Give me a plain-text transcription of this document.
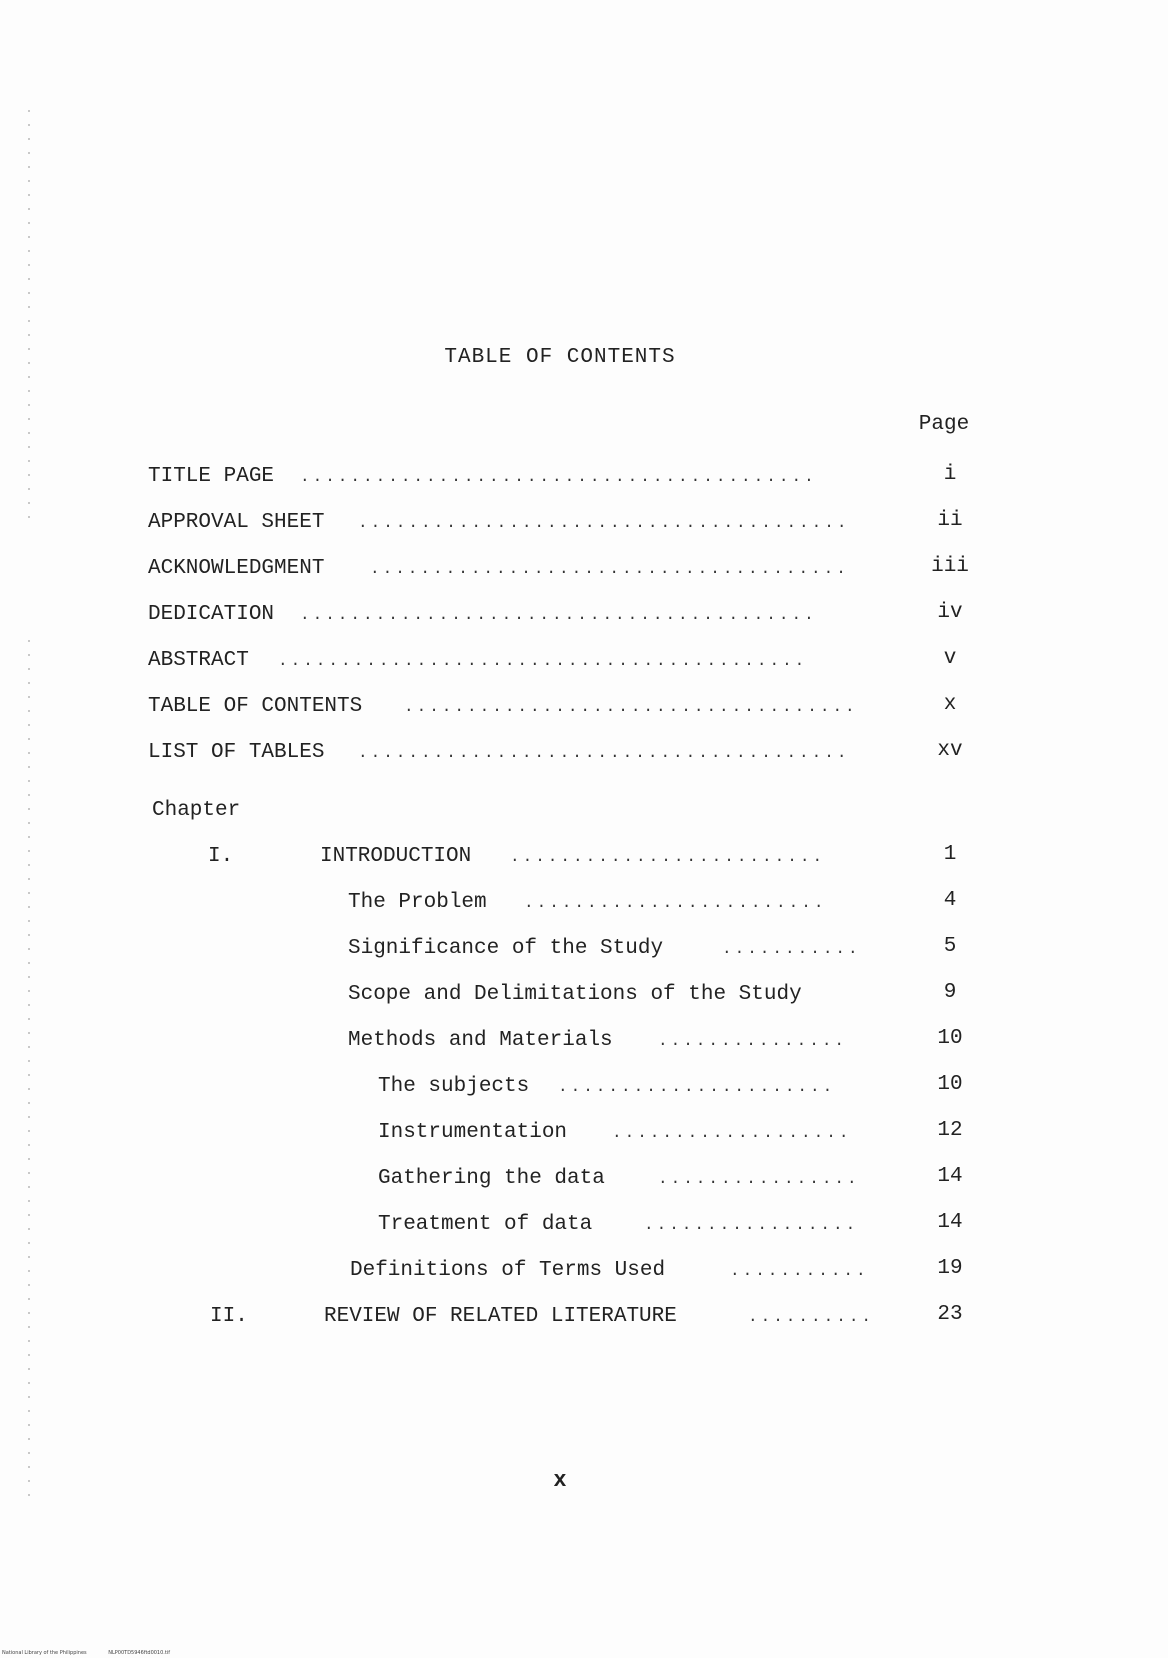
TABLE OF CONTENTS
Page
TITLE PAGE .........................................	i
APPROVAL SHEET .......................................	ii
ACKNOWLEDGMENT	......................................	iii
DEDICATION .........................................	iv
ABSTRACT ..........................................	v
TABLE OF CONTENTS	....................................	x
LIST OF TABLES .......................................	xv
Chapter
I.	INTRODUCTION .........................	1
The Problem ........................	4
Significance of the Study	...........	5
Scope and Delimitations of the Study	9
Methods and Materials	...............	10
The subjects ......................	10
Instrumentation	...................	12
Gathering the data	................	14
Treatment of data	.................	14
Definitions of Terms Used	...........	19
II.	REVIEW OF RELATED LITERATURE	..........	23
x
National Library of the Philippines	NLP00TD5946ftd0010.tif
